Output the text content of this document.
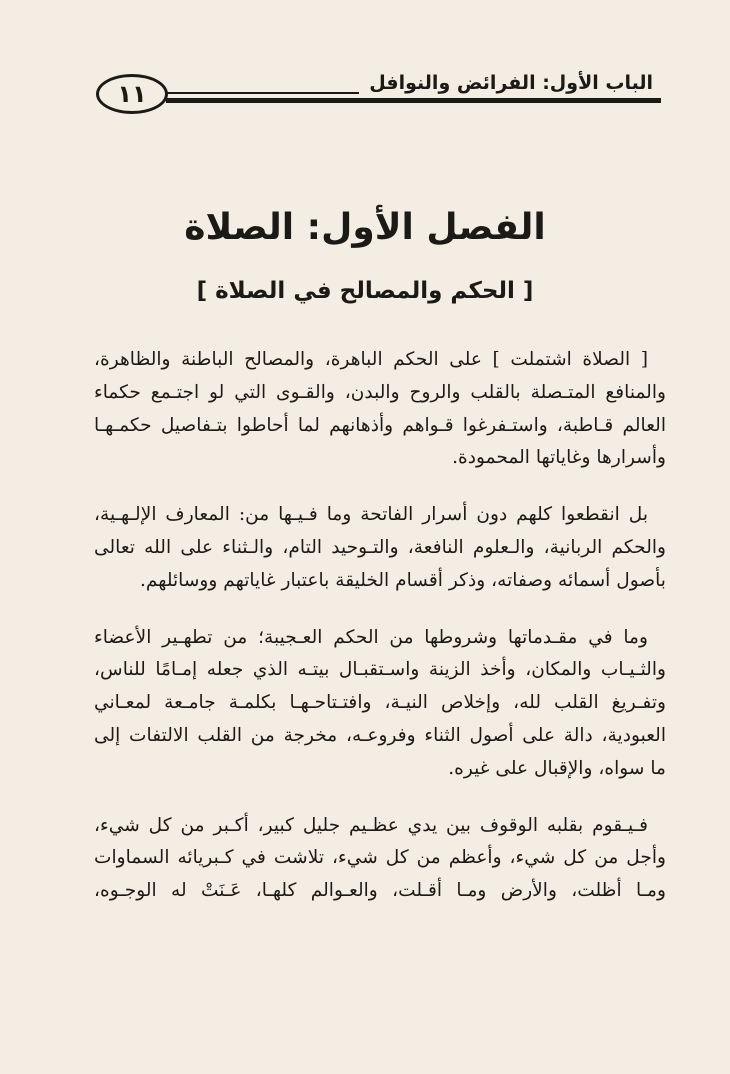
١١	الباب الأول: الفرائض والنوافل
الفصل الأول: الصلاة
[ الحكم والمصالح في الصلاة ]

[ الصلاة اشتملت ] على الحكم الباهرة، والمصالح الباطنة والظاهرة،
والمنافع المتـصلة بالقلب والروح والبدن، والقـوى التي لو اجتـمع حكماء
العالم قـاطبة، واستـفرغوا قـواهم وأذهانهم لما أحاطوا بتـفاصيل حكمـهـا
وأسرارها وغاياتها المحمودة.

بل انقطعوا كلهم دون أسرار الفاتحة وما فـيـها من: المعارف الإلـهـية،
والحكم الربانية، والـعلوم النافعة، والتـوحيد التام، والـثناء على الله تعالى
بأصول أسمائه وصفاته، وذكر أقسام الخليقة باعتبار غاياتهم ووسائلهم.

وما في مقـدماتها وشروطها من الحكم العـجيبة؛ من تطهـير الأعضاء
والثـيـاب والمكان، وأخذ الزينة واسـتقبـال بيتـه الذي جعله إمـامًا للناس،
وتفـريغ القلب لله، وإخلاص النيـة، وافتـتاحـهـا بكلمـة جامـعة لمعـاني
العبودية، دالة على أصول الثناء وفروعـه، مخرجة من القلب الالتفات إلى
ما سواه، والإقبال على غيره.

فـيـقوم بقلبه الوقوف بين يدي عظـيم جليل كبير، أكـبر من كل شيء،
وأجل من كل شيء، وأعظم من كل شيء، تلاشت في كـبريائه السماوات
ومـا أظلت، والأرض ومـا أقـلت، والعـوالم كلهـا، عَـنَتْ له الوجـوه،
